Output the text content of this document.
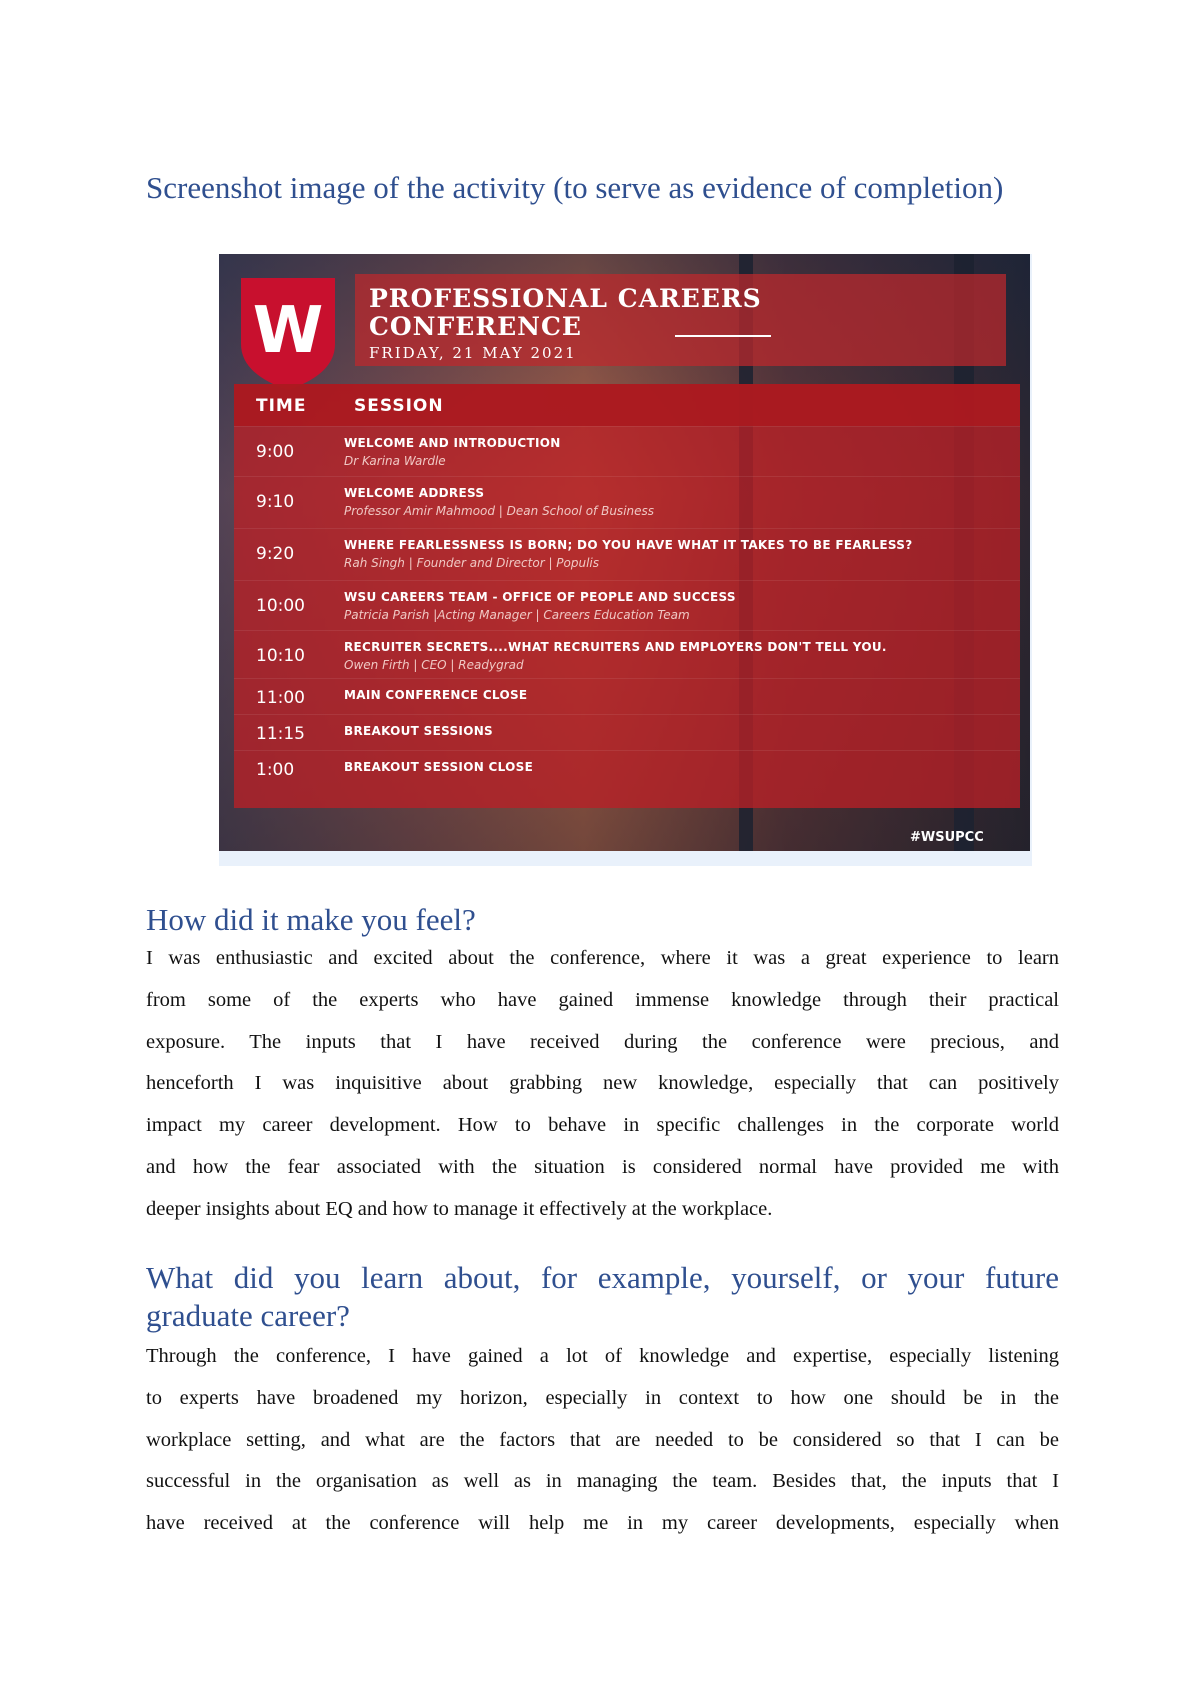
Screenshot image of the activity (to serve as evidence of completion)
W PROFESSIONAL CAREERS

CONFERENCE

FRIDAY, 21 MAY 2021

TIME	SESSION

9:00	WELCOME AND INTRODUCTION
Dr Karina Wardle
9:10	WELCOME ADDRESS
Professor Amir Mahmood | Dean School of Business
9:20	WHERE FEARLESSNESS IS BORN; DO YOU HAVE WHAT IT TAKES TO BE FEARLESS?
Rah Singh | Founder and Director | Populis
10:00	WSU CAREERS TEAM - OFFICE OF PEOPLE AND SUCCESS
Patricia Parish |Acting Manager | Careers Education Team
10:10	RECRUITER SECRETS....WHAT RECRUITERS AND EMPLOYERS DON'T TELL YOU.
Owen Firth | CEO | Readygrad
11:00	MAIN CONFERENCE CLOSE
11:15	BREAKOUT SESSIONS
1:00	BREAKOUT SESSION CLOSE
#WSUPCC
How did it make you feel?
I was enthusiastic and excited about the conference, where it was a great experience to learn
from some of the experts who have gained immense knowledge through their practical
exposure. The inputs that I have received during the conference were precious, and
henceforth I was inquisitive about grabbing new knowledge, especially that can positively
impact my career development. How to behave in specific challenges in the corporate world
and how the fear associated with the situation is considered normal have provided me with
deeper insights about EQ and how to manage it effectively at the workplace.
What did you learn about, for example, yourself, or your future
graduate career?
Through the conference, I have gained a lot of knowledge and expertise, especially listening
to experts have broadened my horizon, especially in context to how one should be in the
workplace setting, and what are the factors that are needed to be considered so that I can be
successful in the organisation as well as in managing the team. Besides that, the inputs that I
have received at the conference will help me in my career developments, especially when
